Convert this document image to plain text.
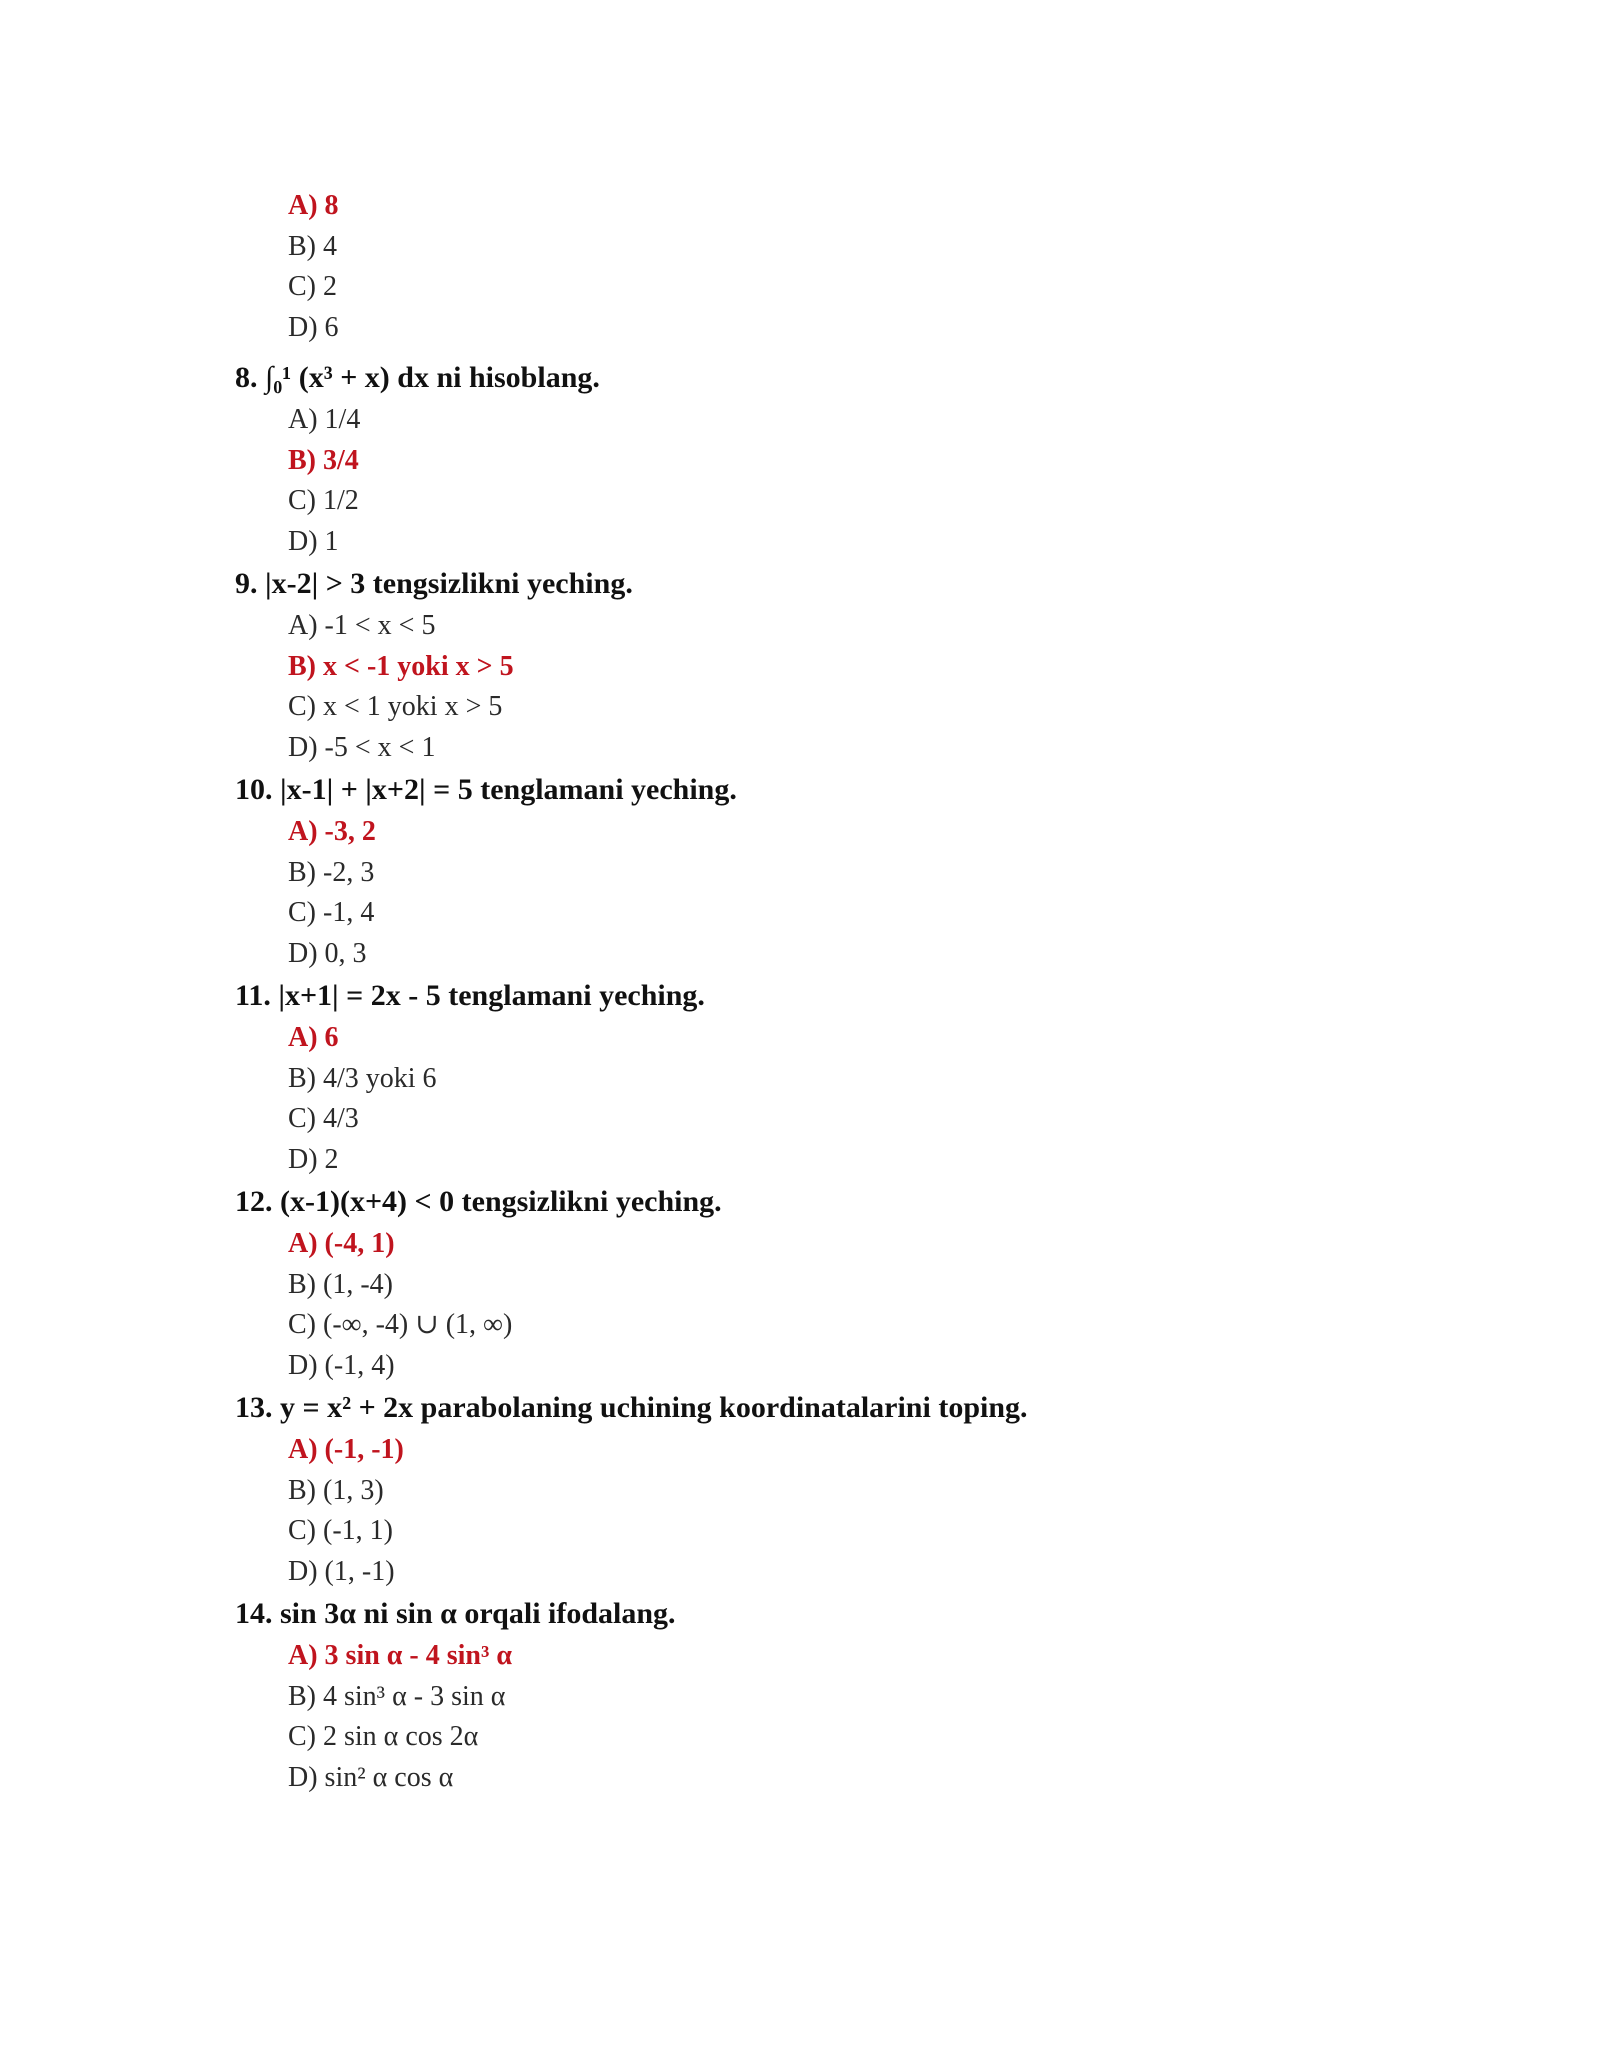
A) 8
B) 4
C) 2
D) 6
8. ∫₀¹ (x³ + x) dx ni hisoblang.
A) 1/4
B) 3/4
C) 1/2
D) 1
9. |x-2| > 3 tengsizlikni yeching.
A) -1 < x < 5
B) x < -1 yoki x > 5
C) x < 1 yoki x > 5
D) -5 < x < 1
10. |x-1| + |x+2| = 5 tenglamani yeching.
A) -3, 2
B) -2, 3
C) -1, 4
D) 0, 3
11. |x+1| = 2x - 5 tenglamani yeching.
A) 6
B) 4/3 yoki 6
C) 4/3
D) 2
12. (x-1)(x+4) < 0 tengsizlikni yeching.
A) (-4, 1)
B) (1, -4)
C) (-∞, -4) ∪ (1, ∞)
D) (-1, 4)
13. y = x² + 2x parabolaning uchining koordinatalarini toping.
A) (-1, -1)
B) (1, 3)
C) (-1, 1)
D) (1, -1)
14. sin 3α ni sin α orqali ifodalang.
A) 3 sin α - 4 sin³ α
B) 4 sin³ α - 3 sin α
C) 2 sin α cos 2α
D) sin² α cos α
